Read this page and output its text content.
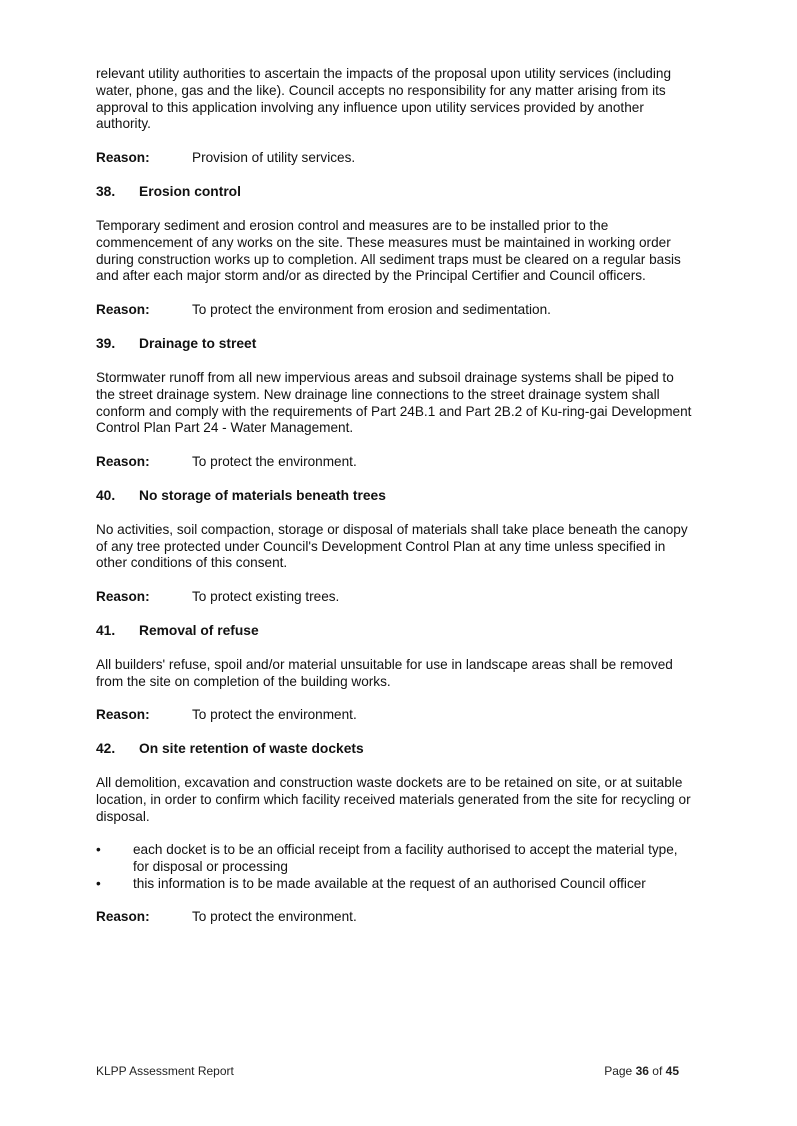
relevant utility authorities to ascertain the impacts of the proposal upon utility services (including water, phone, gas and the like). Council accepts no responsibility for any matter arising from its approval to this application involving any influence upon utility services provided by another authority.

Reason:	Provision of utility services.
38.	Erosion control

Temporary sediment and erosion control and measures are to be installed prior to the commencement of any works on the site. These measures must be maintained in working order during construction works up to completion. All sediment traps must be cleared on a regular basis and after each major storm and/or as directed by the Principal Certifier and Council officers.

Reason:	To protect the environment from erosion and sedimentation.
39.	Drainage to street

Stormwater runoff from all new impervious areas and subsoil drainage systems shall be piped to the street drainage system. New drainage line connections to the street drainage system shall conform and comply with the requirements of Part 24B.1 and Part 2B.2 of Ku-ring-gai Development Control Plan Part 24 - Water Management.

Reason:	To protect the environment.
40.	No storage of materials beneath trees

No activities, soil compaction, storage or disposal of materials shall take place beneath the canopy of any tree protected under Council's Development Control Plan at any time unless specified in other conditions of this consent.

Reason:	To protect existing trees.
41.	Removal of refuse

All builders' refuse, spoil and/or material unsuitable for use in landscape areas shall be removed from the site on completion of the building works.

Reason:	To protect the environment.
42.	On site retention of waste dockets

All demolition, excavation and construction waste dockets are to be retained on site, or at suitable location, in order to confirm which facility received materials generated from the site for recycling or disposal.

•	each docket is to be an official receipt from a facility authorised to accept the material type, for disposal or processing
•	this information is to be made available at the request of an authorised Council officer
Reason:	To protect the environment.
KLPP Assessment Report	Page 36 of 45
